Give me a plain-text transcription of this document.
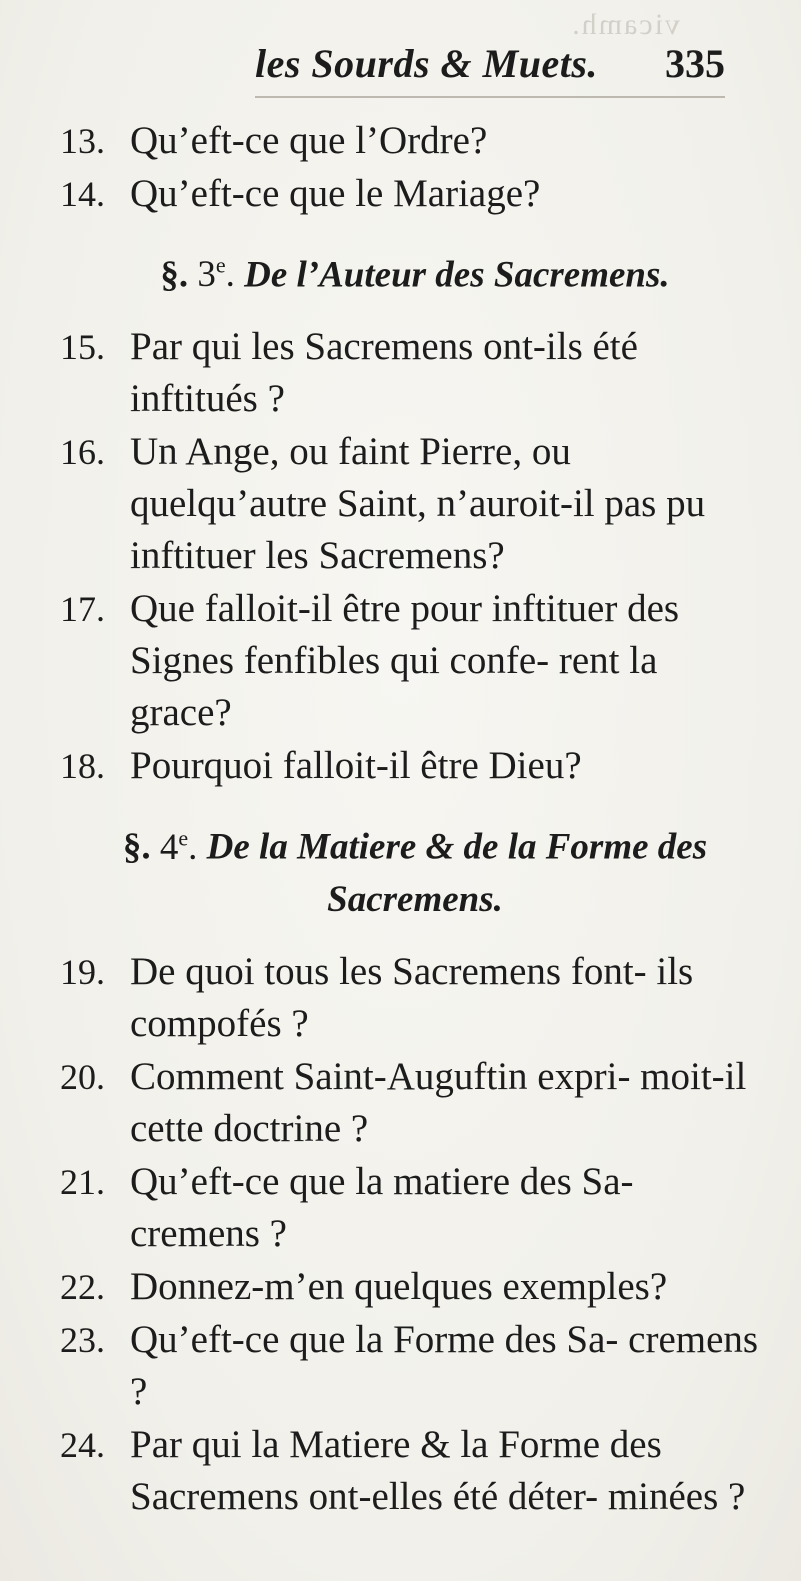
vicamh.
les Sourds & Muets. 335
13. Qu’eft-ce que l’Ordre?
14. Qu’eft-ce que le Mariage?
§. 3e. De l’Auteur des Sacremens.
15. Par qui les Sacremens ont-ils été inftitués ?
16. Un Ange, ou faint Pierre, ou quelqu’autre Saint, n’auroit-il pas pu inftituer les Sacremens?
17. Que falloit-il être pour inftituer des Signes fenfibles qui confe- rent la grace?
18. Pourquoi falloit-il être Dieu?
§. 4e. De la Matiere & de la Forme des Sacremens.
19. De quoi tous les Sacremens font- ils compofés ?
20. Comment Saint-Auguftin expri- moit-il cette doctrine ?
21. Qu’eft-ce que la matiere des Sa- cremens ?
22. Donnez-m’en quelques exemples?
23. Qu’eft-ce que la Forme des Sa- cremens ?
24. Par qui la Matiere & la Forme des Sacremens ont-elles été déter- minées ?
